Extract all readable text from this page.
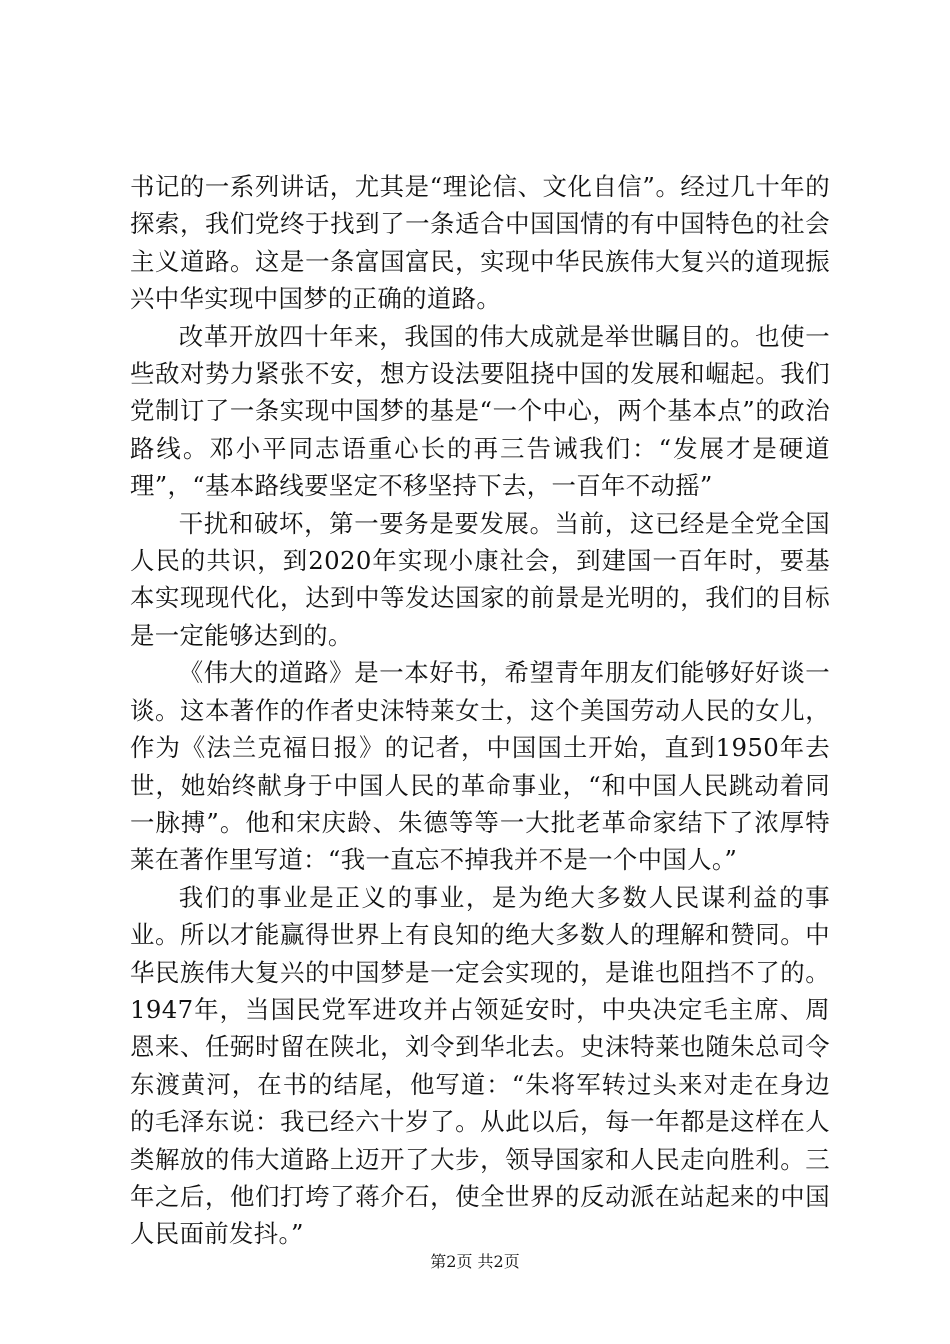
书记的一系列讲话，尤其是“理论信、文化自信”。经过几十年的探索，我们党终于找到了一条适合中国国情的有中国特色的社会主义道路。这是一条富国富民，实现中华民族伟大复兴的道现振兴中华实现中国梦的正确的道路。

改革开放四十年来，我国的伟大成就是举世瞩目的。也使一些敌对势力紧张不安，想方设法要阻挠中国的发展和崛起。我们党制订了一条实现中国梦的基是“一个中心，两个基本点”的政治路线。邓小平同志语重心长的再三告诫我们：“发展才是硬道理”，“基本路线要坚定不移坚持下去，一百年不动摇”

干扰和破坏，第一要务是要发展。当前，这已经是全党全国人民的共识，到2020年实现小康社会，到建国一百年时，要基本实现现代化，达到中等发达国家的前景是光明的，我们的目标是一定能够达到的。

《伟大的道路》是一本好书，希望青年朋友们能够好好谈一谈。这本著作的作者史沫特莱女士，这个美国劳动人民的女儿，作为《法兰克福日报》的记者，中国国土开始，直到1950年去世，她始终献身于中国人民的革命事业，“和中国人民跳动着同一脉搏”。他和宋庆龄、朱德等等一大批老革命家结下了浓厚特莱在著作里写道：“我一直忘不掉我并不是一个中国人。”

我们的事业是正义的事业，是为绝大多数人民谋利益的事业。所以才能赢得世界上有良知的绝大多数人的理解和赞同。中华民族伟大复兴的中国梦是一定会实现的，是谁也阻挡不了的。1947年，当国民党军进攻并占领延安时，中央决定毛主席、周恩来、任弼时留在陕北，刘令到华北去。史沫特莱也随朱总司令东渡黄河，在书的结尾，他写道：“朱将军转过头来对走在身边的毛泽东说：我已经六十岁了。从此以后，每一年都是这样在人类解放的伟大道路上迈开了大步，领导国家和人民走向胜利。三年之后，他们打垮了蒋介石，使全世界的反动派在站起来的中国人民面前发抖。”

第2页 共2页
